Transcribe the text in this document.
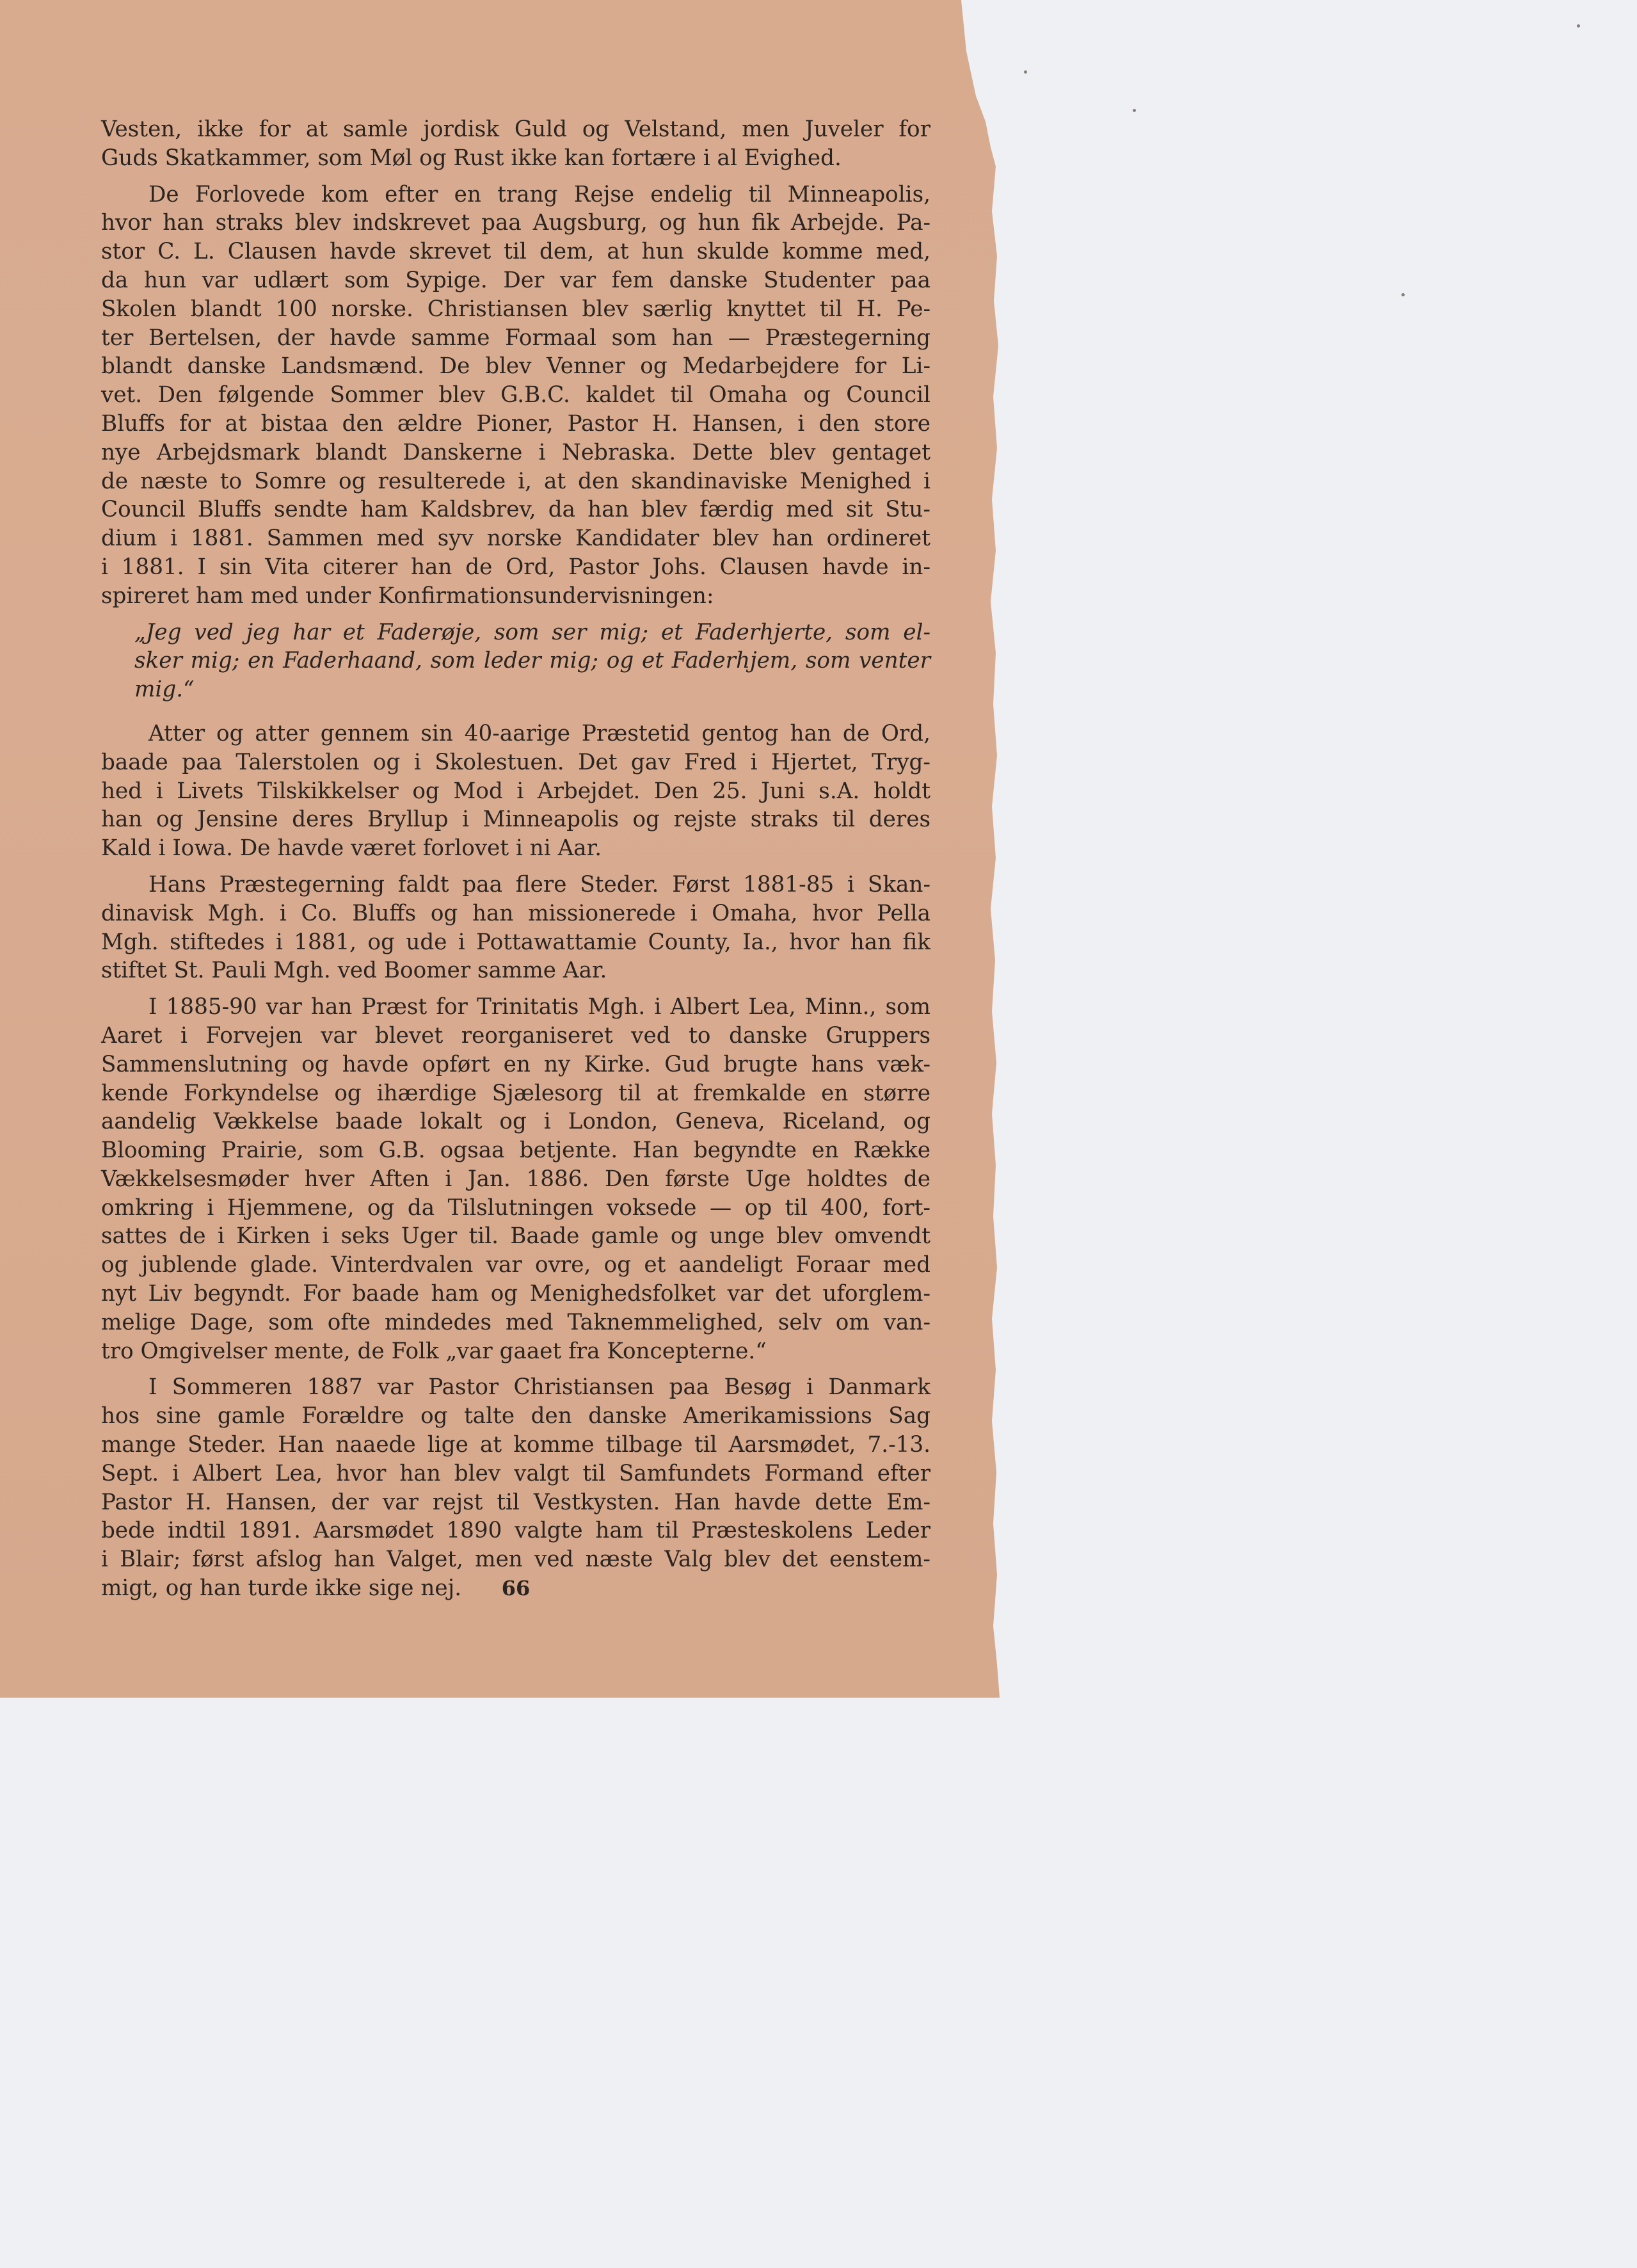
Vesten, ikke for at samle jordisk Guld og Velstand, men Juveler for
Guds Skatkammer, som Møl og Rust ikke kan fortære i al Evighed.
De Forlovede kom efter en trang Rejse endelig til Minneapolis,
hvor han straks blev indskrevet paa Augsburg, og hun fik Arbejde. Pa-
stor C. L. Clausen havde skrevet til dem, at hun skulde komme med,
da hun var udlært som Sypige. Der var fem danske Studenter paa
Skolen blandt 100 norske. Christiansen blev særlig knyttet til H. Pe-
ter Bertelsen, der havde samme Formaal som han — Præstegerning
blandt danske Landsmænd. De blev Venner og Medarbejdere for Li-
vet. Den følgende Sommer blev G.B.C. kaldet til Omaha og Council
Bluffs for at bistaa den ældre Pioner, Pastor H. Hansen, i den store
nye Arbejdsmark blandt Danskerne i Nebraska. Dette blev gentaget
de næste to Somre og resulterede i, at den skandinaviske Menighed i
Council Bluffs sendte ham Kaldsbrev, da han blev færdig med sit Stu-
dium i 1881. Sammen med syv norske Kandidater blev han ordineret
i 1881. I sin Vita citerer han de Ord, Pastor Johs. Clausen havde in-
spireret ham med under Konfirmationsundervisningen:
„Jeg ved jeg har et Faderøje, som ser mig; et Faderhjerte, som el-
sker mig; en Faderhaand, som leder mig; og et Faderhjem, som venter
mig.“
Atter og atter gennem sin 40-aarige Præstetid gentog han de Ord,
baade paa Talerstolen og i Skolestuen. Det gav Fred i Hjertet, Tryg-
hed i Livets Tilskikkelser og Mod i Arbejdet. Den 25. Juni s.A. holdt
han og Jensine deres Bryllup i Minneapolis og rejste straks til deres
Kald i Iowa. De havde været forlovet i ni Aar.
Hans Præstegerning faldt paa flere Steder. Først 1881-85 i Skan-
dinavisk Mgh. i Co. Bluffs og han missionerede i Omaha, hvor Pella
Mgh. stiftedes i 1881, og ude i Pottawattamie County, Ia., hvor han fik
stiftet St. Pauli Mgh. ved Boomer samme Aar.
I 1885-90 var han Præst for Trinitatis Mgh. i Albert Lea, Minn., som
Aaret i Forvejen var blevet reorganiseret ved to danske Gruppers
Sammenslutning og havde opført en ny Kirke. Gud brugte hans væk-
kende Forkyndelse og ihærdige Sjælesorg til at fremkalde en større
aandelig Vækkelse baade lokalt og i London, Geneva, Riceland, og
Blooming Prairie, som G.B. ogsaa betjente. Han begyndte en Række
Vækkelsesmøder hver Aften i Jan. 1886. Den første Uge holdtes de
omkring i Hjemmene, og da Tilslutningen voksede — op til 400, fort-
sattes de i Kirken i seks Uger til. Baade gamle og unge blev omvendt
og jublende glade. Vinterdvalen var ovre, og et aandeligt Foraar med
nyt Liv begyndt. For baade ham og Menighedsfolket var det uforglem-
melige Dage, som ofte mindedes med Taknemmelighed, selv om van-
tro Omgivelser mente, de Folk „var gaaet fra Koncepterne.“
I Sommeren 1887 var Pastor Christiansen paa Besøg i Danmark
hos sine gamle Forældre og talte den danske Amerikamissions Sag
mange Steder. Han naaede lige at komme tilbage til Aarsmødet, 7.-13.
Sept. i Albert Lea, hvor han blev valgt til Samfundets Formand efter
Pastor H. Hansen, der var rejst til Vestkysten. Han havde dette Em-
bede indtil 1891. Aarsmødet 1890 valgte ham til Præsteskolens Leder
i Blair; først afslog han Valget, men ved næste Valg blev det eenstem-
migt, og han turde ikke sige nej.	66
